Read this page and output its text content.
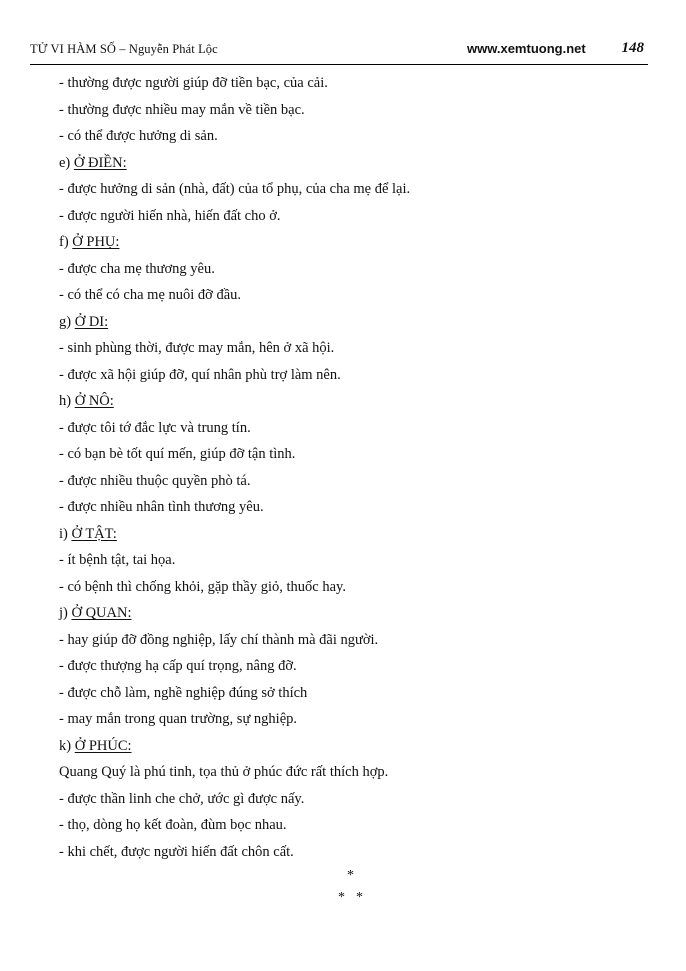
TỬ VI HÀM SỐ – Nguyễn Phát Lộc	www.xemtuong.net 148
- thường được người giúp đỡ tiền bạc, của cải.
- thường được nhiều may mắn về tiền bạc.
- có thể được hưởng di sản.
e) Ở ĐIỀN:
- được hưởng di sản (nhà, đất) của tổ phụ, của cha mẹ để lại.
- được người hiến nhà, hiến đất cho ở.
f) Ở PHỤ:
- được cha mẹ thương yêu.
- có thể có cha mẹ nuôi đỡ đầu.
g) Ở DI:
- sinh phùng thời, được may mắn, hên ở xã hội.
- được xã hội giúp đỡ, quí nhân phù trợ làm nên.
h) Ở NÔ:
- được tôi tớ đắc lực và trung tín.
- có bạn bè tốt quí mến, giúp đỡ tận tình.
- được nhiều thuộc quyền phò tá.
- được nhiều nhân tình thương yêu.
i) Ở TẬT:
- ít bệnh tật, tai họa.
- có bệnh thì chống khỏi, gặp thầy giỏ, thuốc hay.
j) Ở QUAN:
- hay giúp đỡ đồng nghiệp, lấy chí thành mà đãi người.
- được thượng hạ cấp quí trọng, nâng đỡ.
- được chỗ làm, nghề nghiệp đúng sở thích
- may mắn trong quan trường, sự nghiệp.
k) Ở PHÚC:
Quang Quý là phú tinh, tọa thủ ở phúc đức rất thích hợp.
- được thần linh che chở, ước gì được nấy.
- thọ, dòng họ kết đoàn, đùm bọc nhau.
- khi chết, được người hiến đất chôn cất.
*
* *
